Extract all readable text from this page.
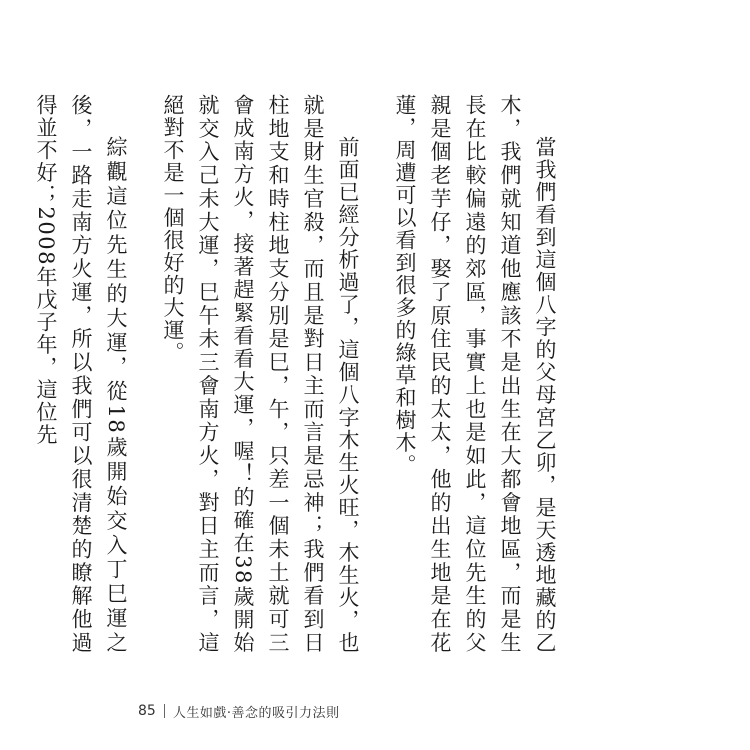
當我們看到這個八字的父母宮乙卯，是天透地藏的乙木，我們就知道他應該不是出生在大都會地區，而是生長在比較偏遠的郊區，事實上也是如此，這位先生的父親是個老芋仔，娶了原住民的太太，他的出生地是在花蓮，周遭可以看到很多的綠草和樹木。

前面已經分析過了，這個八字木生火旺，木生火，也就是財生官殺，而且是對日主而言是忌神；我們看到日柱地支和時柱地支分別是巳，午，只差一個未土就可三會成南方火，接著趕緊看看大運，喔！的確在38歲開始就交入己未大運，巳午未三會南方火，對日主而言，這絕對不是一個很好的大運。

綜觀這位先生的大運，從18歲開始交入丁巳運之後，一路走南方火運，所以我們可以很清楚的瞭解他過得並不好；2008年戊子年，這位先

85 人生如戲‧善念的吸引力法則
